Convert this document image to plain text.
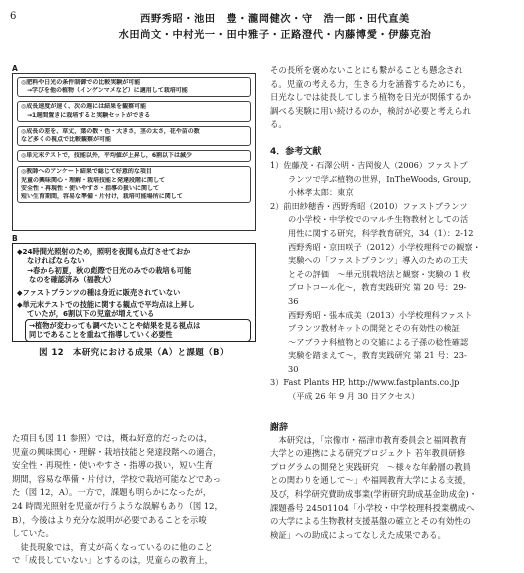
6	西野秀昭・池田　豊・瀧岡健次・守　浩一郎・田代直美
水田尚文・中村光一・田中雅子・正路澄代・内藤博愛・伊藤克治
A
◎肥料や日光の条件制御での比較実験が可能
　→学びを他の植物（インゲンマメなど）に適用して栽培可能
◎成長速度が速く、次の週には結果を観察可能
　→1週間置きに栽培すると実験セットができる
◎成長の差を、草丈，葉の数・色・大きさ，茎の太さ，花や苗の数
など多くの視点で比較観察が可能
◎単元末テストで，技能以外，平均値が上昇し，6割以下は減少
◎教師へのアンケート結果で総じて好意的な項目
児童の興味関心・理解・栽培技能と発達段階に関して
安全性・再現性・使いやすさ・指導の扱いに関して
短い生育期間，容易な準備・片付け，栽培可能場所に関して
B
◆24時間光照射のため，照明を夜間も点灯させておか
なければならない
→春から初夏，秋の彪際で日光のみでの栽培も可能
なのを確認済み（福教大）
◆ファストプランツの種は身近に販売されていない
◆単元末テストでの技能に関する観点で平均点は上昇し
ていたが，6割以下の児童が増えている
→植物が変わっても調べたいことや結果を見る視点は
同じであることを重ねて指導していく必要性
図 12　本研究における成果（A）と課題（B）
た項目も図 11 参照）では，概ね好意的だったのは，
児童の興味関心・理解・栽培技能と発達段階への適合，
安全性・再現性・使いやすさ・指導の扱い，短い生育
期間，容易な準備・片付け，学校で栽培可能などであっ
た（図 12，A）。一方で，課題も明らかになったが，
24 時間光照射を児童が行うような誤解もあり（図 12，
B），今後はより充分な説明が必要であることを示唆
していた。
　徒長現象では，育丈が高くなっているのに他のこと
で「成長していない」とするのは，児童らの教育上，
その長所を褒めないことにも繋がることも懸念され
る。児童の考える力，生きる力を涵養するためにも，
日光なしでは徒長してしまう植物を日光が関係するか
調べる実験に用い続けるのか，検討が必要と考えられ
る。
4．参考文献
1）佐藤茂・石澤公明・吉岡俊人（2006）ファストプ
ランツで学ぶ植物の世界，InTheWoods, Group,
小林孝太郎：東京
2）前田紗穂香・西野秀昭（2010）ファストプランツ
の小学校・中学校でのマルチ生物教材としての活
用性に関する研究，科学教育研究，34（1）：2-12
西野秀昭・京田咲子（2012）小学校理科での観察・
実験への「ファストプランツ」導入のための工夫
とその評価　～単元別栽培法と観察・実験の 1 枚
プロトコール化～，教育実践研究 第 20 号：29-
36
西野秀昭・張本成美（2013）小学校理科ファスト
プランツ教材キットの開発とその有効性の検証
～アブラナ科植物との交雑による子孫の稔性確認
実験を踏まえて～，教育実践研究 第 21 号：23-
30
3）Fast Plants HP, http://www.fastplants.co.jp
（平成 26 年 9 月 30 日アクセス）
謝辞
　本研究は，「宗像市・福津市教育委員会と福岡教育
大学との連携による研究プロジェクト 若年教員研修
プログラムの開発と実践研究　～様々な年齢層の教員
との関わりを通して～」や福岡教育大学による支援，
及び，科学研究費助成事業(学術研究助成基金助成金)・
課題番号 24501104「小学校・中学校理科授業構成へ
の大学による生物教材支援基盤の確立とその有効性の
検証」への助成によってなしえた成果である。
